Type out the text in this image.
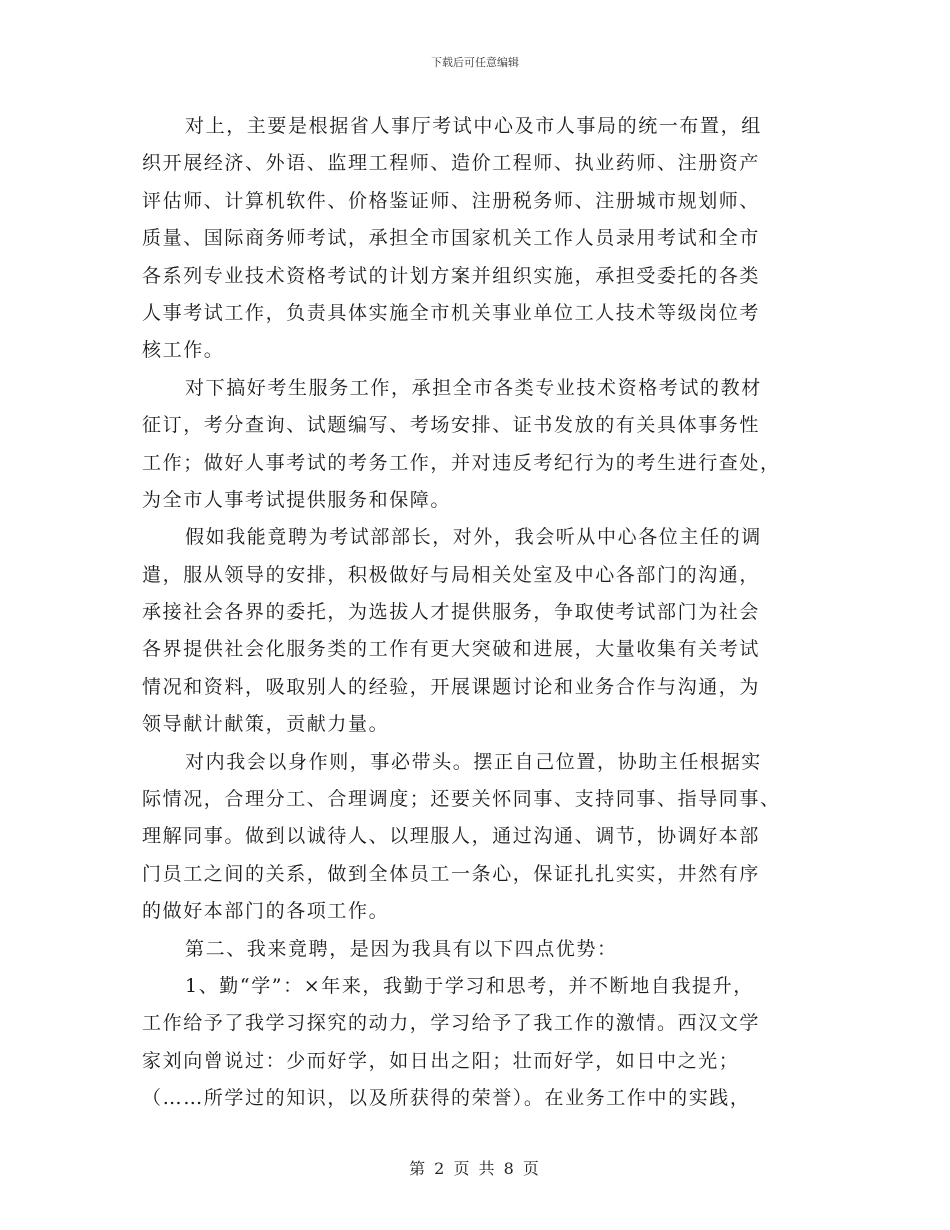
下载后可任意编辑
对上，主要是根据省人事厅考试中心及市人事局的统一布置，组
织开展经济、外语、监理工程师、造价工程师、执业药师、注册资产
评估师、计算机软件、价格鉴证师、注册税务师、注册城市规划师、
质量、国际商务师考试，承担全市国家机关工作人员录用考试和全市
各系列专业技术资格考试的计划方案并组织实施，承担受委托的各类
人事考试工作，负责具体实施全市机关事业单位工人技术等级岗位考
核工作。
对下搞好考生服务工作，承担全市各类专业技术资格考试的教材
征订，考分查询、试题编写、考场安排、证书发放的有关具体事务性
工作；做好人事考试的考务工作，并对违反考纪行为的考生进行查处，
为全市人事考试提供服务和保障。
假如我能竟聘为考试部部长，对外，我会听从中心各位主任的调
遣，服从领导的安排，积极做好与局相关处室及中心各部门的沟通，
承接社会各界的委托，为选拔人才提供服务，争取使考试部门为社会
各界提供社会化服务类的工作有更大突破和进展，大量收集有关考试
情况和资料，吸取别人的经验，开展课题讨论和业务合作与沟通，为
领导献计献策，贡献力量。
对内我会以身作则，事必带头。摆正自己位置，协助主任根据实
际情况，合理分工、合理调度；还要关怀同事、支持同事、指导同事、
理解同事。做到以诚待人、以理服人，通过沟通、调节，协调好本部
门员工之间的关系，做到全体员工一条心，保证扎扎实实，井然有序
的做好本部门的各项工作。
第二、我来竟聘，是因为我具有以下四点优势：
1、勤“学”：×年来，我勤于学习和思考，并不断地自我提升，
工作给予了我学习探究的动力，学习给予了我工作的激情。西汉文学
家刘向曾说过：少而好学，如日出之阳；壮而好学，如日中之光；
（……所学过的知识，以及所获得的荣誉）。在业务工作中的实践，
第 2 页 共 8 页
